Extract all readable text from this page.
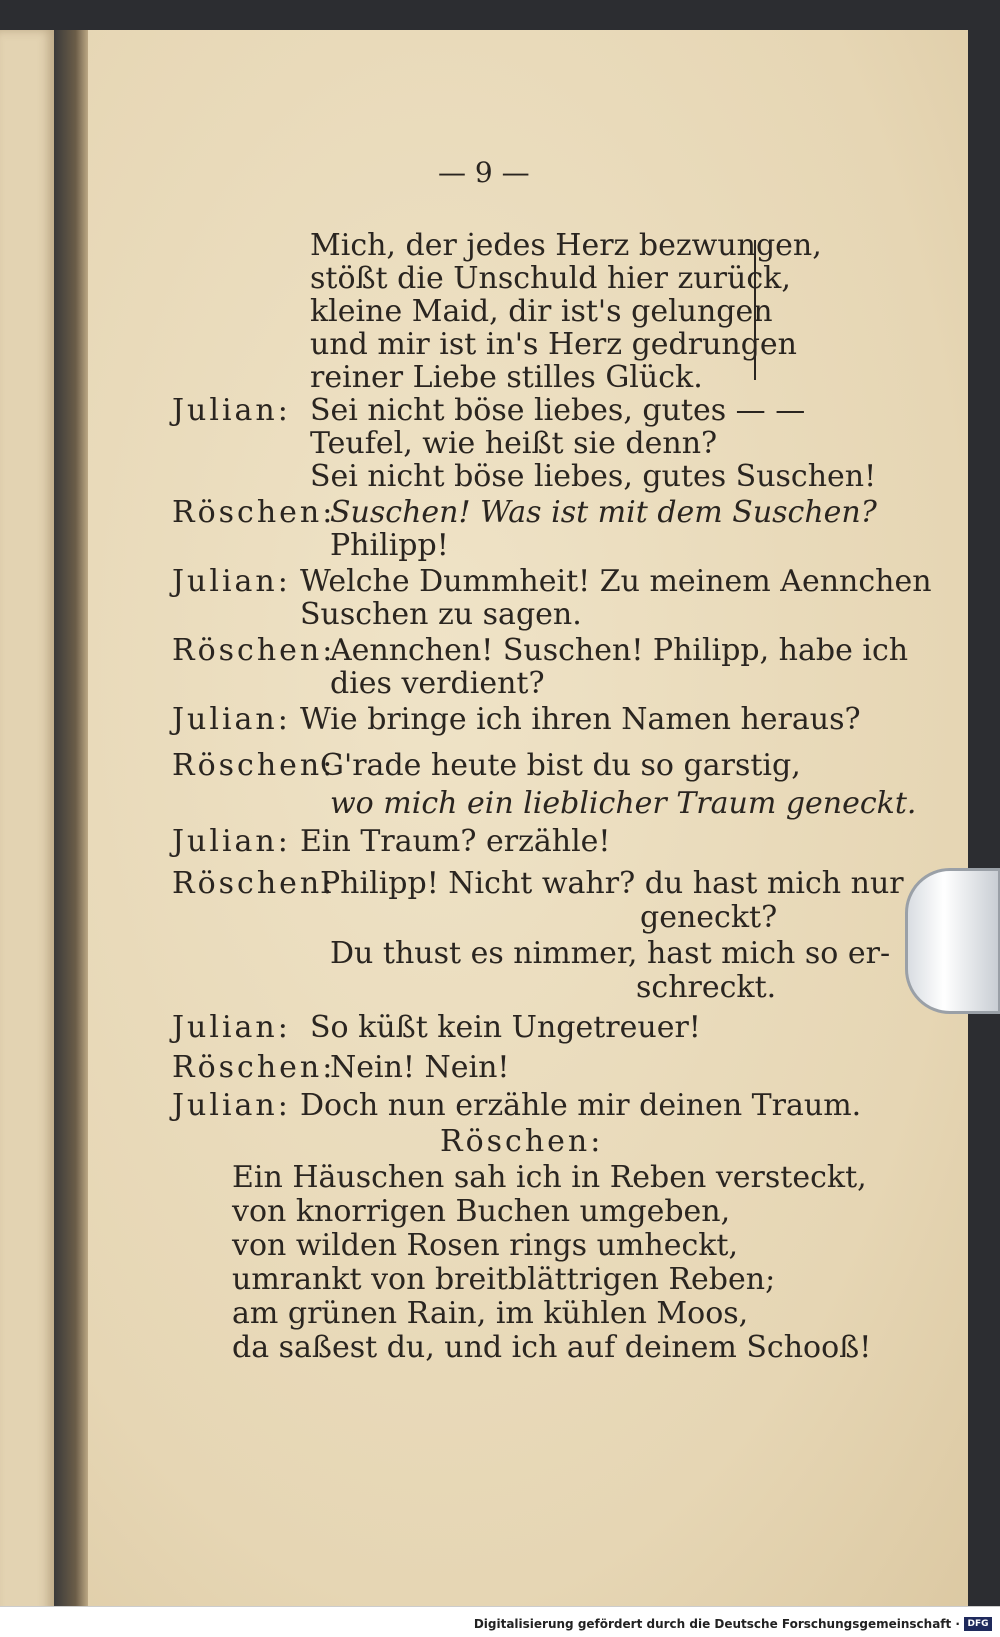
— 9 —
Mich, der jedes Herz bezwungen,
stößt die Unschuld hier zurück,
kleine Maid, dir ist's gelungen
und mir ist in's Herz gedrungen
reiner Liebe stilles Glück.
Julian: Sei nicht böse liebes, gutes — —
Teufel, wie heißt sie denn?
Sei nicht böse liebes, gutes Suschen!
Röschen:
Suschen! Was ist mit dem Suschen?
Philipp!
Julian: Welche Dummheit! Zu meinem Aennchen
Suschen zu sagen.
Röschen:
Aennchen! Suschen! Philipp, habe ich
dies verdient?
Julian: Wie bringe ich ihren Namen heraus?
Röschen:
G'rade heute bist du so garstig,
wo mich ein lieblicher Traum geneckt.
Julian: Ein Traum? erzähle!
Röschen:
Philipp! Nicht wahr? du hast mich nur
geneckt?
Du thust es nimmer, hast mich so er-
schreckt.
Julian: So küßt kein Ungetreuer!
Röschen:
Nein! Nein!
Julian: Doch nun erzähle mir deinen Traum.
Röschen:
Ein Häuschen sah ich in Reben versteckt,
von knorrigen Buchen umgeben,
von wilden Rosen rings umheckt,
umrankt von breitblättrigen Reben;
am grünen Rain, im kühlen Moos,
da saßest du, und ich auf deinem Schooß!
Digitalisierung gefördert durch die Deutsche Forschungsgemeinschaft · DFG
